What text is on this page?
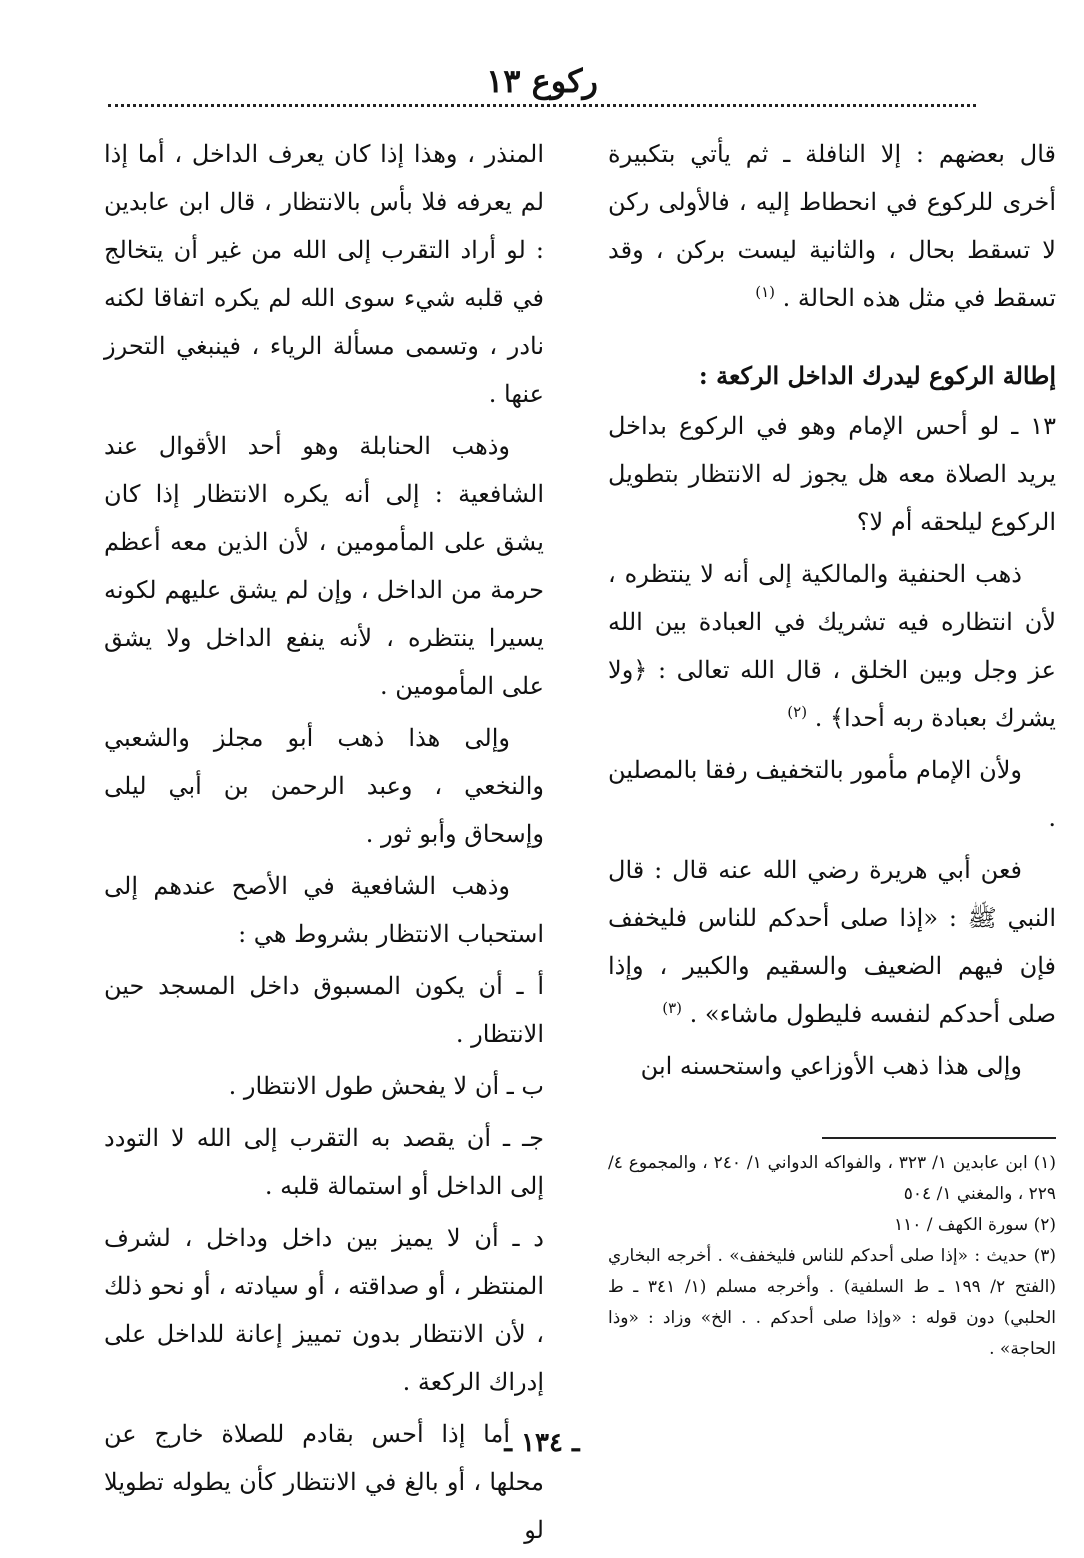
ركوع ١٣

قال بعضهم : إلا النافلة ـ ثم يأتي بتكبيرة أخرى للركوع في انحطاط إليه ، فالأولى ركن لا تسقط بحال ، والثانية ليست بركن ، وقد تسقط في مثل هذه الحالة . $^{(١)}$

إطالة الركوع ليدرك الداخل الركعة :

١٣ ـ لو أحس الإمام وهو في الركوع بداخل يريد الصلاة معه هل يجوز له الانتظار بتطويل الركوع ليلحقه أم لا؟

ذهب الحنفية والمالكية إلى أنه لا ينتظره ، لأن انتظاره فيه تشريك في العبادة بين الله عز وجل وبين الخلق ، قال الله تعالى : ﴿ولا يشرك بعبادة ربه أحدا﴾ . $^{(٢)}$

ولأن الإمام مأمور بالتخفيف رفقا بالمصلين .

فعن أبي هريرة رضي الله عنه قال : قال النبي ﷺ : «إذا صلى أحدكم للناس فليخفف فإن فيهم الضعيف والسقيم والكبير ، وإذا صلى أحدكم لنفسه فليطول ماشاء» . $^{(٣)}$

وإلى هذا ذهب الأوزاعي واستحسنه ابن

المنذر ، وهذا إذا كان يعرف الداخل ، أما إذا لم يعرفه فلا بأس بالانتظار ، قال ابن عابدين : لو أراد التقرب إلى الله من غير أن يتخالج في قلبه شيء سوى الله لم يكره اتفاقا لكنه نادر ، وتسمى مسألة الرياء ، فينبغي التحرز عنها .

وذهب الحنابلة وهو أحد الأقوال عند الشافعية : إلى أنه يكره الانتظار إذا كان يشق على المأمومين ، لأن الذين معه أعظم حرمة من الداخل ، وإن لم يشق عليهم لكونه يسيرا ينتظره ، لأنه ينفع الداخل ولا يشق على المأمومين .

وإلى هذا ذهب أبو مجلز والشعبي والنخعي ، وعبد الرحمن بن أبي ليلى وإسحاق وأبو ثور .

وذهب الشافعية في الأصح عندهم إلى استحباب الانتظار بشروط هي :

أ ـ أن يكون المسبوق داخل المسجد حين الانتظار .

ب ـ أن لا يفحش طول الانتظار .

جـ ـ أن يقصد به التقرب إلى الله لا التودد إلى الداخل أو استمالة قلبه .

د ـ أن لا يميز بين داخل وداخل ، لشرف المنتظر ، أو صداقته ، أو سيادته ، أو نحو ذلك ، لأن الانتظار بدون تمييز إعانة للداخل على إدراك الركعة .

أما إذا أحس بقادم للصلاة خارج عن محلها ، أو بالغ في الانتظار كأن يطوله تطويلا لو

(١) ابن عابدين ١/ ٣٢٣ ، والفواكه الدواني ١/ ٢٤٠ ، والمجموع ٤/ ٢٢٩ ، والمغني ١/ ٥٠٤

(٢) سورة الكهف / ١١٠

(٣) حديث : «إذا صلى أحدكم للناس فليخفف» . أخرجه البخاري (الفتح ٢/ ١٩٩ ـ ط السلفية) . وأخرجه مسلم (١/ ٣٤١ ـ ط الحلبي) دون قوله : «وإذا صلى أحدكم . . الخ» وزاد : «وذا الحاجة» .

ـ ١٣٤ ـ
